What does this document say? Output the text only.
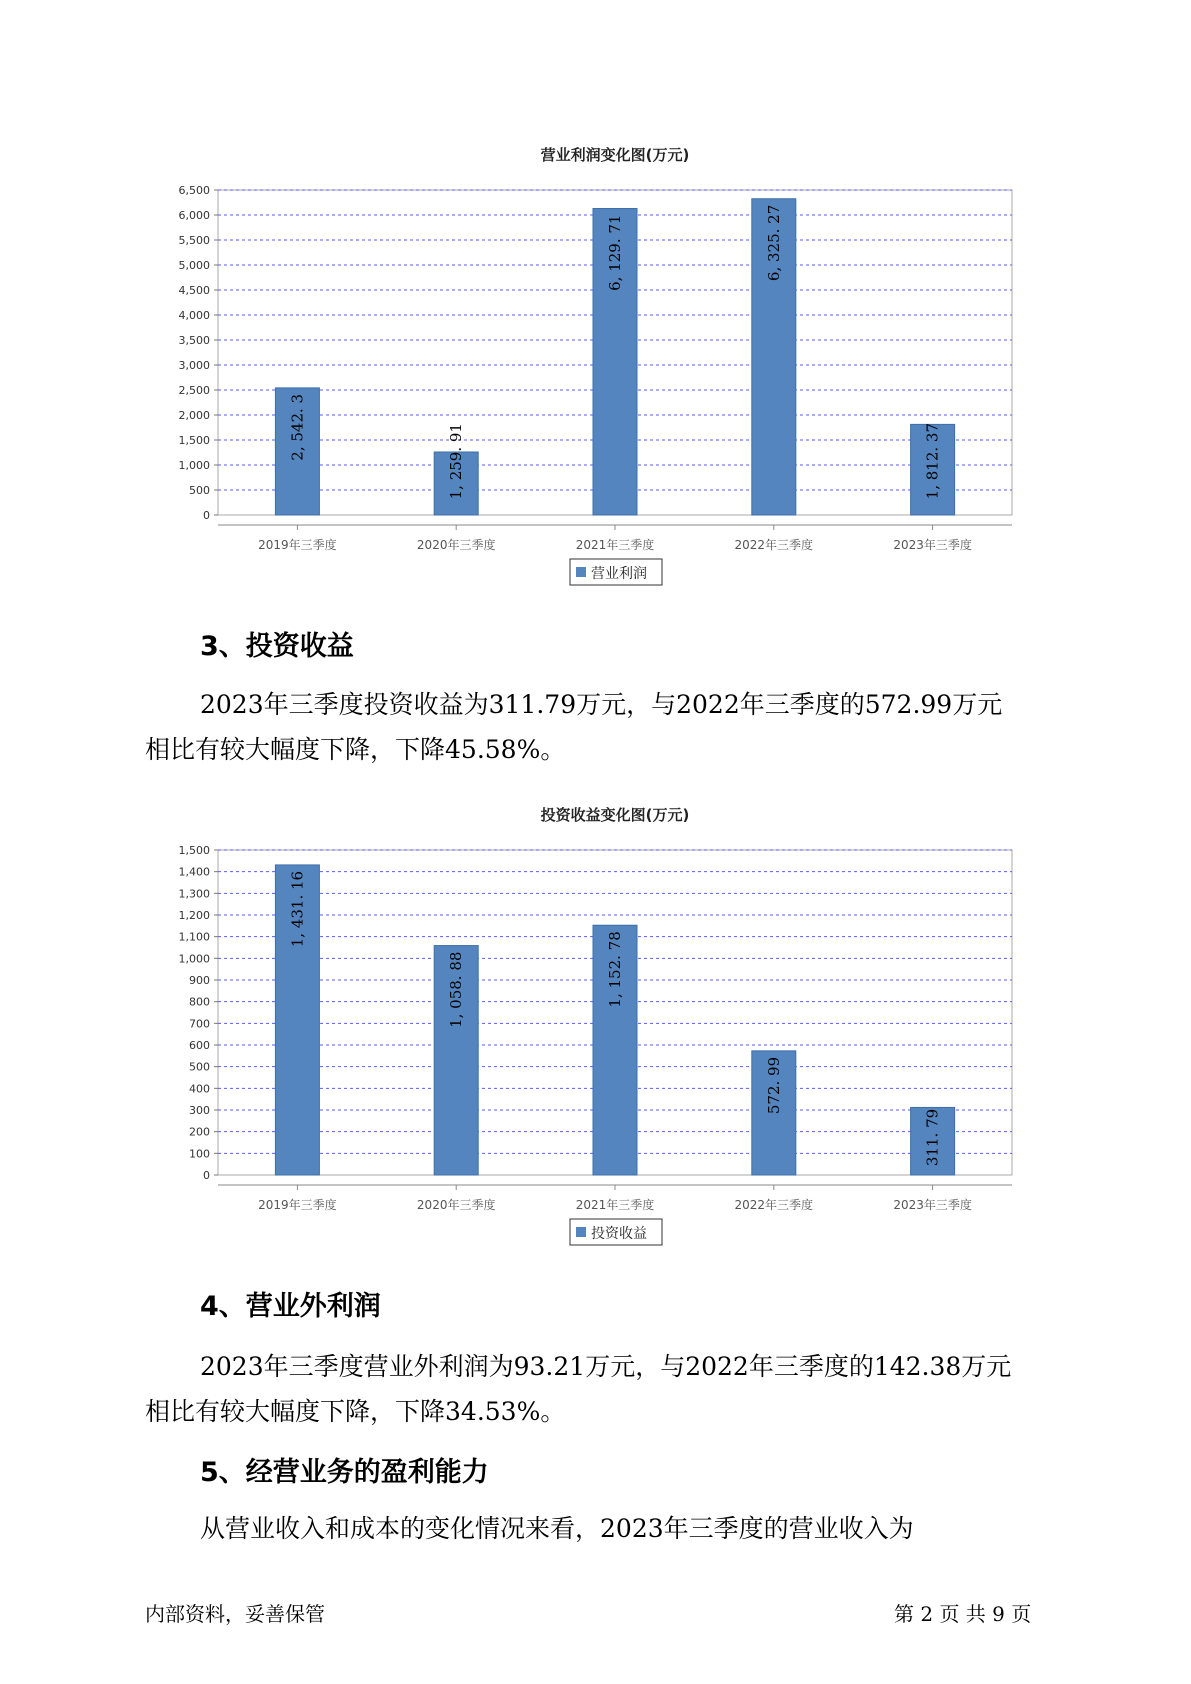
营业利润变化图(万元)
0
500
1,000
1,500
2,000
2,500
3,000
3,500
4,000
4,500
5,000
5,500
6,000
6,500
2019年三季度
2, 542. 3
2020年三季度
1, 259. 91
2021年三季度
6, 129. 71
2022年三季度
6, 325. 27
2023年三季度
1, 812. 37
营业利润
3、投资收益

2023年三季度投资收益为311.79万元，与2022年三季度的572.99万元
相比有较大幅度下降，下降45.58%。

投资收益变化图(万元)
0
100
200
300
400
500
600
700
800
900
1,000
1,100
1,200
1,300
1,400
1,500
2019年三季度
1, 431. 16
2020年三季度
1, 058. 88
2021年三季度
1, 152. 78
2022年三季度
572. 99
2023年三季度
311. 79
投资收益
4、营业外利润

2023年三季度营业外利润为93.21万元，与2022年三季度的142.38万元
相比有较大幅度下降，下降34.53%。

5、经营业务的盈利能力

从营业收入和成本的变化情况来看，2023年三季度的营业收入为

内部资料，妥善保管	第 2 页 共 9 页
